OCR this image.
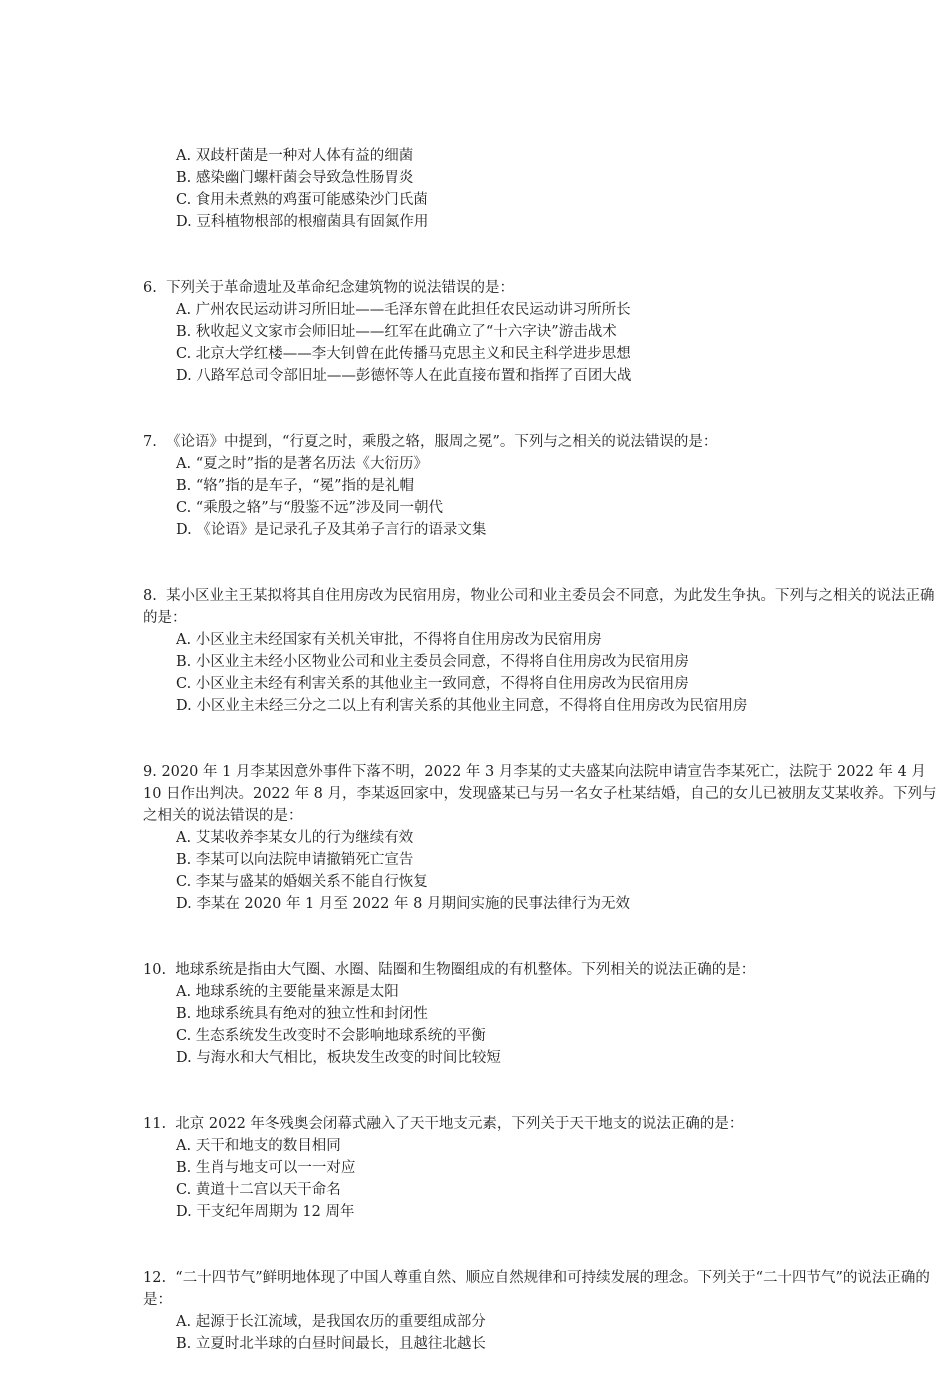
A. 双歧杆菌是一种对人体有益的细菌
B. 感染幽门螺杆菌会导致急性肠胃炎
C. 食用未煮熟的鸡蛋可能感染沙门氏菌
D. 豆科植物根部的根瘤菌具有固氮作用
6. 下列关于革命遗址及革命纪念建筑物的说法错误的是：
A. 广州农民运动讲习所旧址——毛泽东曾在此担任农民运动讲习所所长
B. 秋收起义文家市会师旧址——红军在此确立了“十六字诀”游击战术
C. 北京大学红楼——李大钊曾在此传播马克思主义和民主科学进步思想
D. 八路军总司令部旧址——彭德怀等人在此直接布置和指挥了百团大战
7. 《论语》中提到，“行夏之时，乘殷之辂，服周之冕”。下列与之相关的说法错误的是：
A. “夏之时”指的是著名历法《大衍历》
B. “辂”指的是车子，“冕”指的是礼帽
C. “乘殷之辂”与“殷鉴不远”涉及同一朝代
D. 《论语》是记录孔子及其弟子言行的语录文集
8. 某小区业主王某拟将其自住用房改为民宿用房，物业公司和业主委员会不同意，为此发生争执。下列与之相关的说法正确的是：
A. 小区业主未经国家有关机关审批，不得将自住用房改为民宿用房
B. 小区业主未经小区物业公司和业主委员会同意，不得将自住用房改为民宿用房
C. 小区业主未经有利害关系的其他业主一致同意，不得将自住用房改为民宿用房
D. 小区业主未经三分之二以上有利害关系的其他业主同意，不得将自住用房改为民宿用房
9. 2020 年 1 月李某因意外事件下落不明，2022 年 3 月李某的丈夫盛某向法院申请宣告李某死亡，法院于 2022 年 4 月 10 日作出判决。2022 年 8 月，李某返回家中，发现盛某已与另一名女子杜某结婚，自己的女儿已被朋友艾某收养。下列与之相关的说法错误的是：
A. 艾某收养李某女儿的行为继续有效
B. 李某可以向法院申请撤销死亡宣告
C. 李某与盛某的婚姻关系不能自行恢复
D. 李某在 2020 年 1 月至 2022 年 8 月期间实施的民事法律行为无效
10. 地球系统是指由大气圈、水圈、陆圈和生物圈组成的有机整体。下列相关的说法正确的是：
A. 地球系统的主要能量来源是太阳
B. 地球系统具有绝对的独立性和封闭性
C. 生态系统发生改变时不会影响地球系统的平衡
D. 与海水和大气相比，板块发生改变的时间比较短
11. 北京 2022 年冬残奥会闭幕式融入了天干地支元素，下列关于天干地支的说法正确的是：
A. 天干和地支的数目相同
B. 生肖与地支可以一一对应
C. 黄道十二宫以天干命名
D. 干支纪年周期为 12 周年
12. “二十四节气”鲜明地体现了中国人尊重自然、顺应自然规律和可持续发展的理念。下列关于“二十四节气”的说法正确的是：
A. 起源于长江流域，是我国农历的重要组成部分
B. 立夏时北半球的白昼时间最长，且越往北越长
